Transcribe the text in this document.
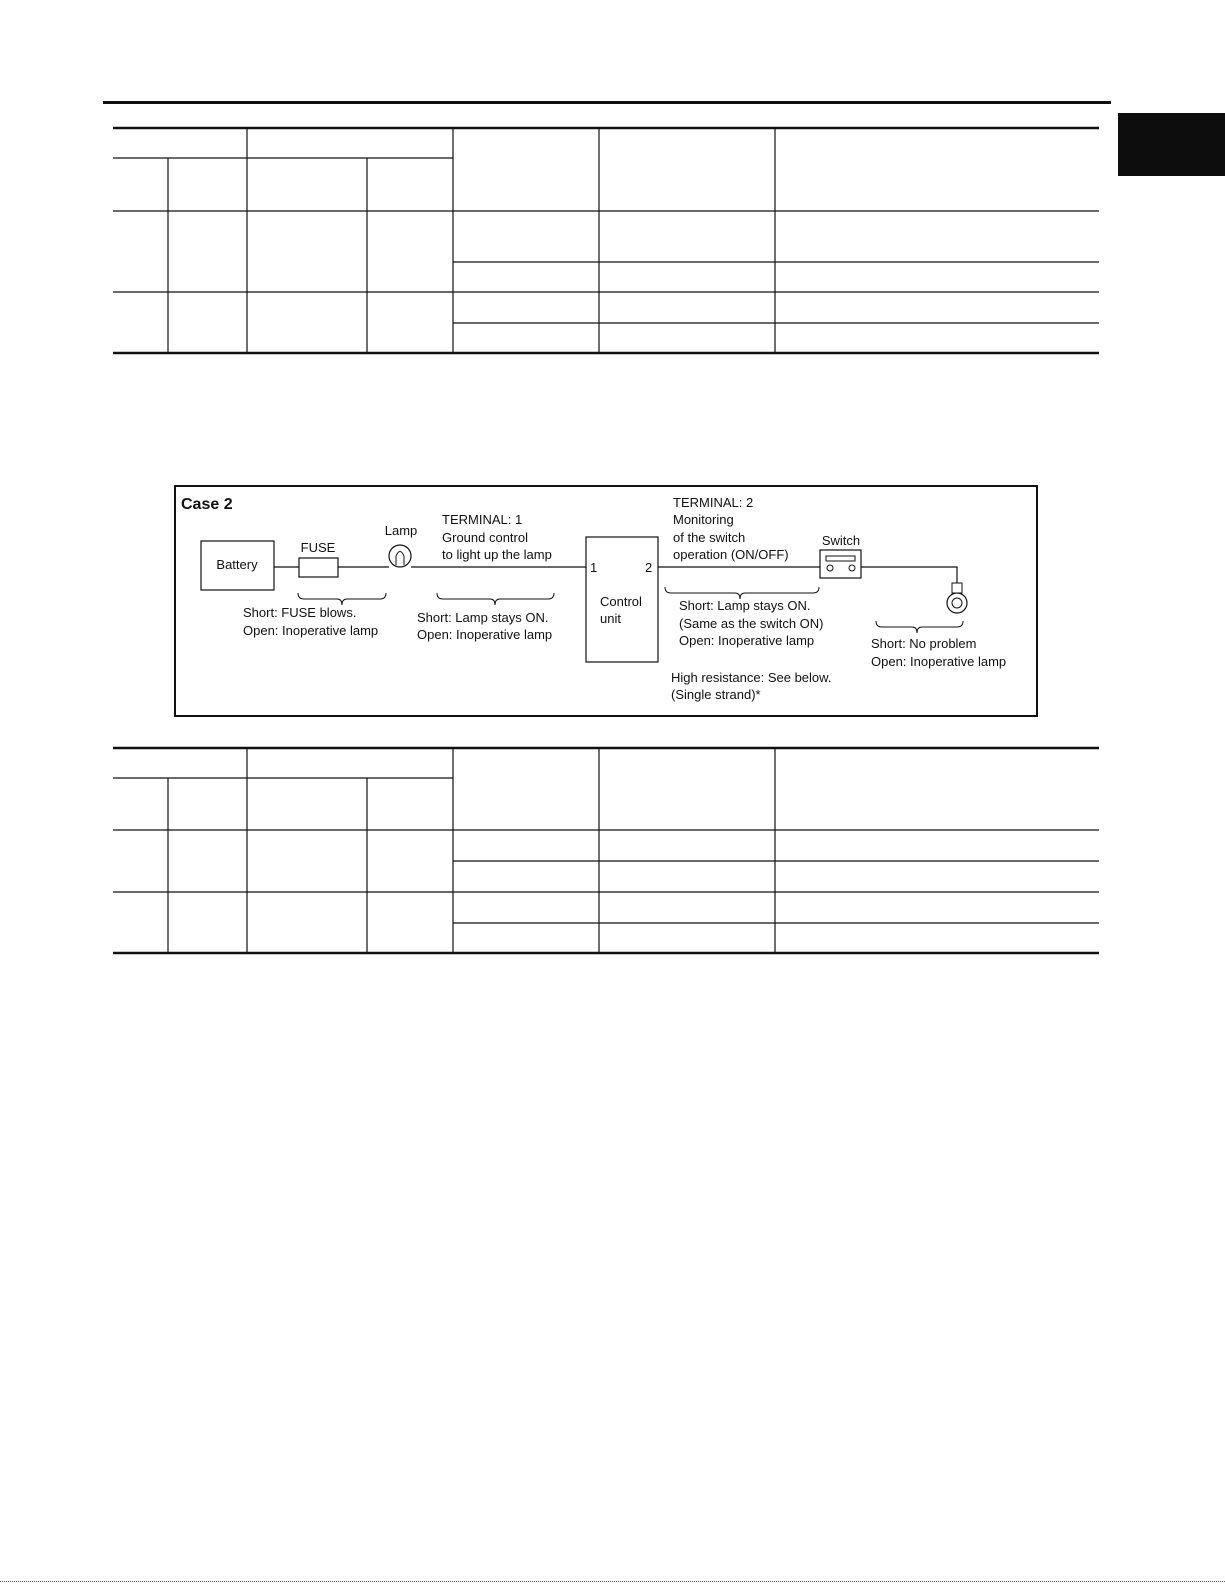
Case 2
Battery
FUSE
Lamp
TERMINAL: 1
Ground control
to light up the lamp
1	2
Control
unit
TERMINAL: 2
Monitoring
of the switch
operation (ON/OFF)
Switch
Short: FUSE blows.
Open: Inoperative lamp
Short: Lamp stays ON.
Open: Inoperative lamp
Short: Lamp stays ON.
(Same as the switch ON)
Open: Inoperative lamp
High resistance: See below.
(Single strand)*
Short: No problem
Open: Inoperative lamp
